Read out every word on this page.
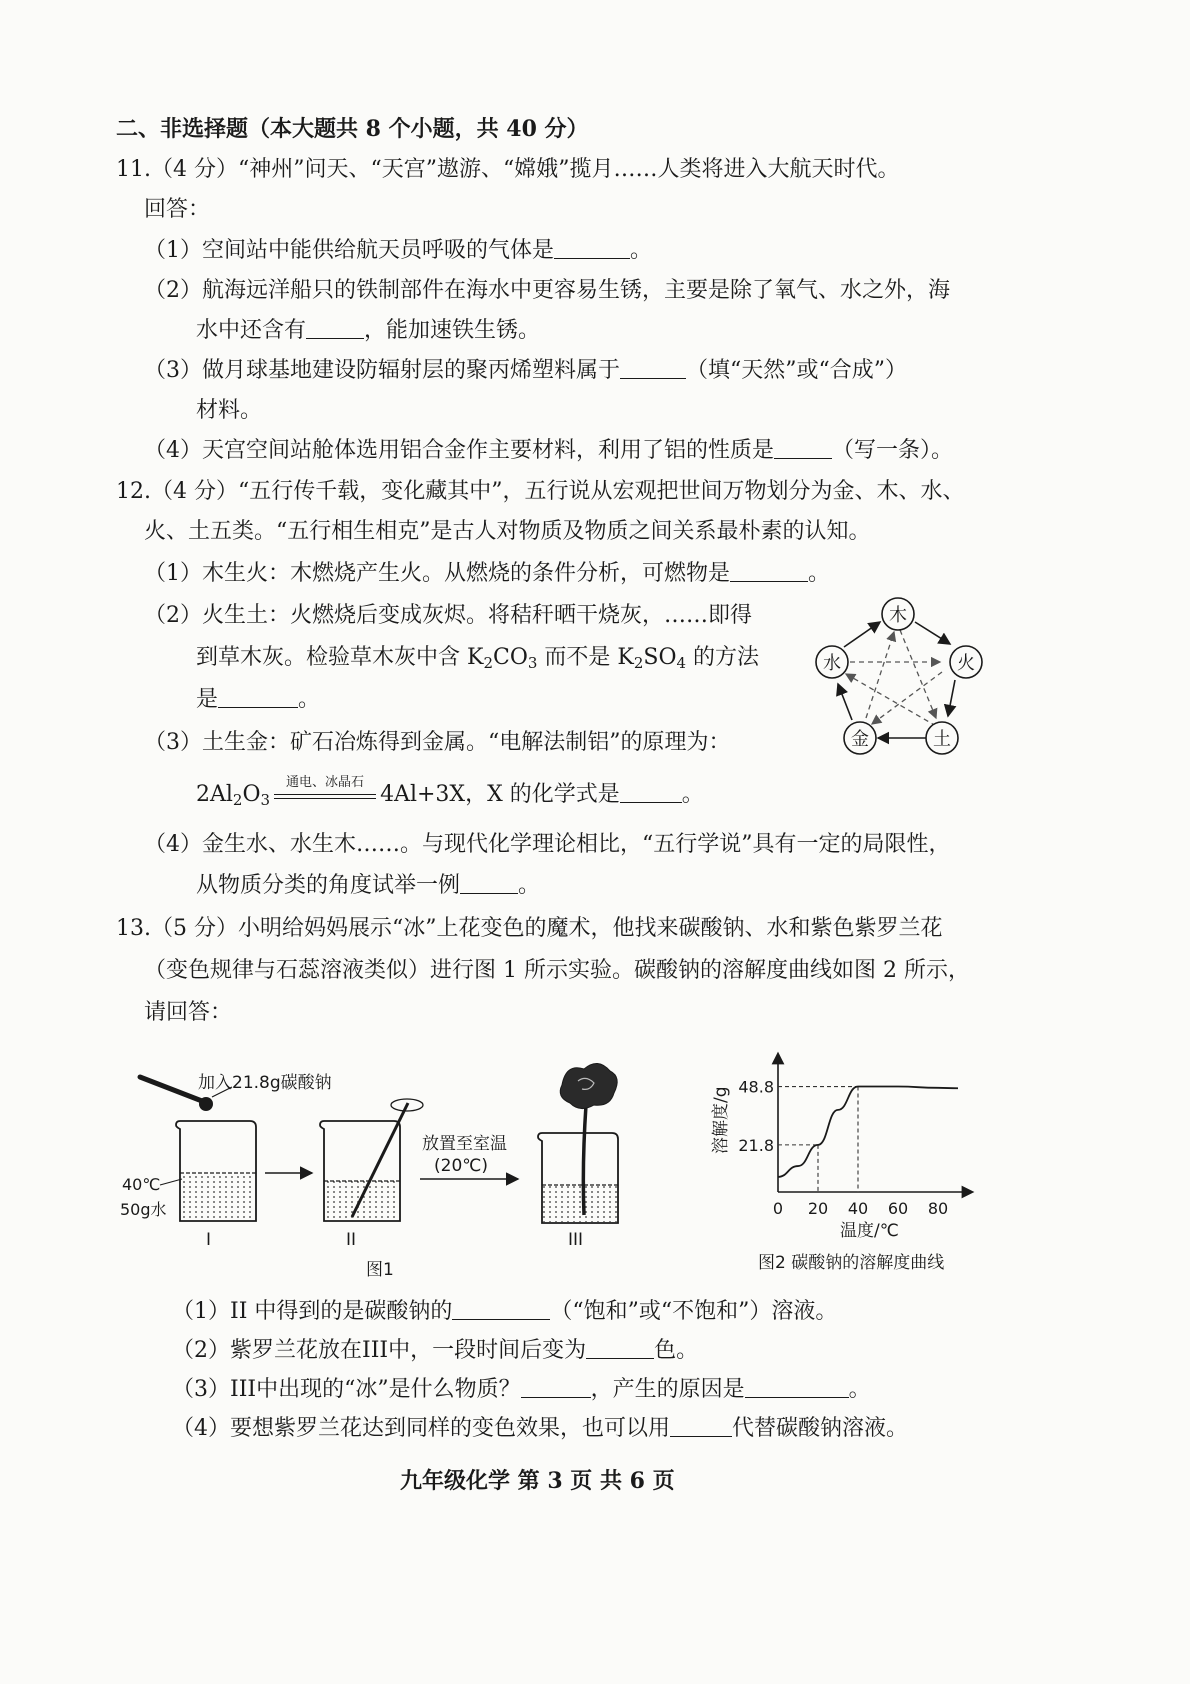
二、非选择题（本大题共 8 个小题，共 40 分）
11.（4 分）“神州”问天、“天宫”遨游、“嫦娥”揽月……人类将进入大航天时代。
回答：
（1）空间站中能供给航天员呼吸的气体是	。
（2）航海远洋船只的铁制部件在海水中更容易生锈，主要是除了氧气、水之外，海
水中还含有	，能加速铁生锈。
（3）做月球基地建设防辐射层的聚丙烯塑料属于	（填“天然”或“合成”）
材料。
（4）天宫空间站舱体选用铝合金作主要材料，利用了铝的性质是	（写一条）。
12.（4 分）“五行传千载，变化藏其中”，五行说从宏观把世间万物划分为金、木、水、
火、土五类。“五行相生相克”是古人对物质及物质之间关系最朴素的认知。
（1）木生火：木燃烧产生火。从燃烧的条件分析，可燃物是	。
（2）火生土：火燃烧后变成灰烬。将秸秆晒干烧灰，……即得
到草木灰。检验草木灰中含 $K_2CO_3$ 而不是 $K_2SO_4$ 的方法
是	。
（3）土生金：矿石冶炼得到金属。“电解法制铝”的原理为：
$2Al_2O_3$
通电、冰晶石 4Al+3X，X 的化学式是	。
（4）金生水、水生木……。与现代化学理论相比，“五行学说”具有一定的局限性，
从物质分类的角度试举一例	。
木
火
土
金
水
13.（5 分）小明给妈妈展示“冰”上花变色的魔术，他找来碳酸钠、水和紫色紫罗兰花
（变色规律与石蕊溶液类似）进行图 1 所示实验。碳酸钠的溶解度曲线如图 2 所示，
请回答：
加入21.8g碳酸钠
40℃
50g水
I	II
放置至室温
(20℃)
III
图1
0 20 40 60 80
21.8
48.8
温度/℃
溶解度/g
图2 碳酸钠的溶解度曲线
（1）II 中得到的是碳酸钠的	（“饱和”或“不饱和”）溶液。
（2）紫罗兰花放在III中，一段时间后变为	色。
（3）III中出现的“冰”是什么物质？	，产生的原因是	。
（4）要想紫罗兰花达到同样的变色效果，也可以用	代替碳酸钠溶液。
九年级化学 第 3 页 共 6 页
